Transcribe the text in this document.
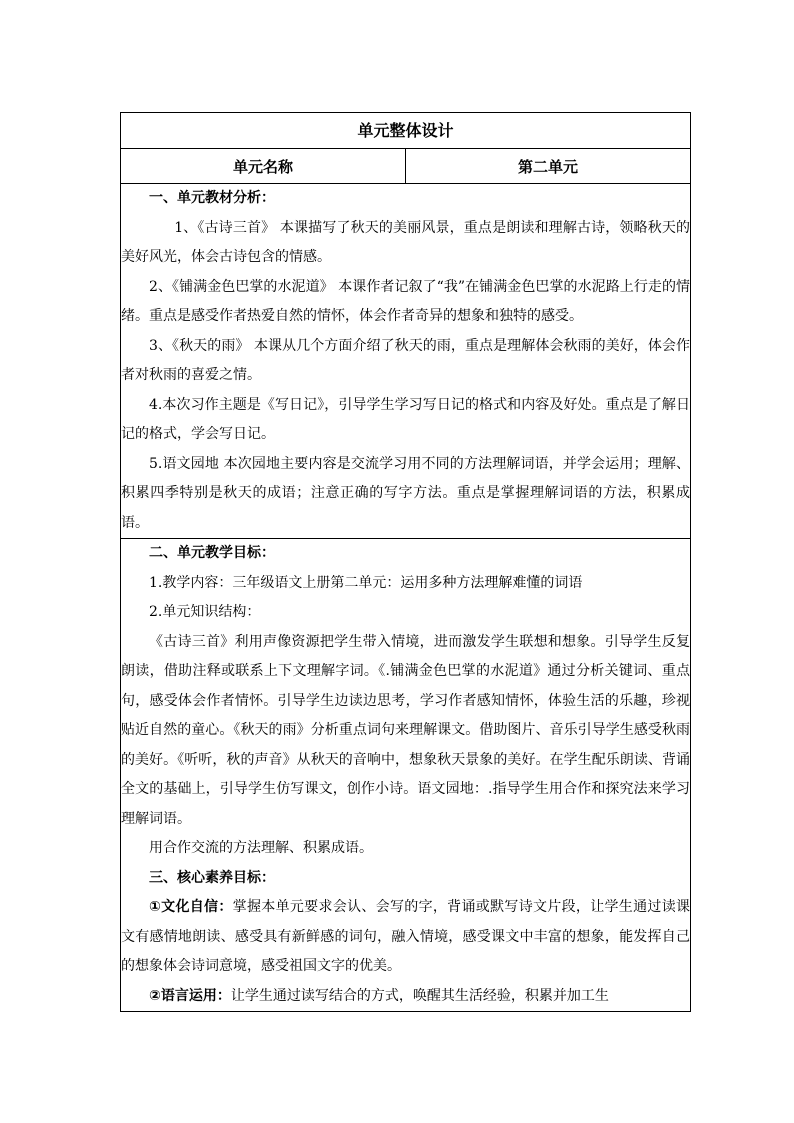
单元整体设计
单元名称	第二单元

一、单元教材分析：

1、《古诗三首》 本课描写了秋天的美丽风景，重点是朗读和理解古诗，领略秋天的美好风光，体会古诗包含的情感。

2、《铺满金色巴掌的水泥道》 本课作者记叙了“我”在铺满金色巴掌的水泥路上行走的情绪。重点是感受作者热爱自然的情怀，体会作者奇异的想象和独特的感受。

3、《秋天的雨》 本课从几个方面介绍了秋天的雨，重点是理解体会秋雨的美好，体会作者对秋雨的喜爱之情。

4.本次习作主题是《写日记》，引导学生学习写日记的格式和内容及好处。重点是了解日记的格式，学会写日记。

5.语文园地 本次园地主要内容是交流学习用不同的方法理解词语，并学会运用；理解、积累四季特别是秋天的成语；注意正确的写字方法。重点是掌握理解词语的方法，积累成语。

二、单元教学目标：

1.教学内容：三年级语文上册第二单元：运用多种方法理解难懂的词语

2.单元知识结构：

《古诗三首》利用声像资源把学生带入情境，进而激发学生联想和想象。引导学生反复朗读，借助注释或联系上下文理解字词。《.铺满金色巴掌的水泥道》通过分析关键词、重点句，感受体会作者情怀。引导学生边读边思考，学习作者感知情怀，体验生活的乐趣，珍视贴近自然的童心。《秋天的雨》分析重点词句来理解课文。借助图片、音乐引导学生感受秋雨的美好。《听听，秋的声音》从秋天的音响中，想象秋天景象的美好。在学生配乐朗读、背诵全文的基础上，引导学生仿写课文，创作小诗。语文园地：.指导学生用合作和探究法来学习理解词语。

用合作交流的方法理解、积累成语。

三、核心素养目标：

①文化自信：掌握本单元要求会认、会写的字，背诵或默写诗文片段，让学生通过读课文有感情地朗读、感受具有新鲜感的词句，融入情境，感受课文中丰富的想象，能发挥自己的想象体会诗词意境，感受祖国文字的优美。

②语言运用：让学生通过读写结合的方式，唤醒其生活经验，积累并加工生
